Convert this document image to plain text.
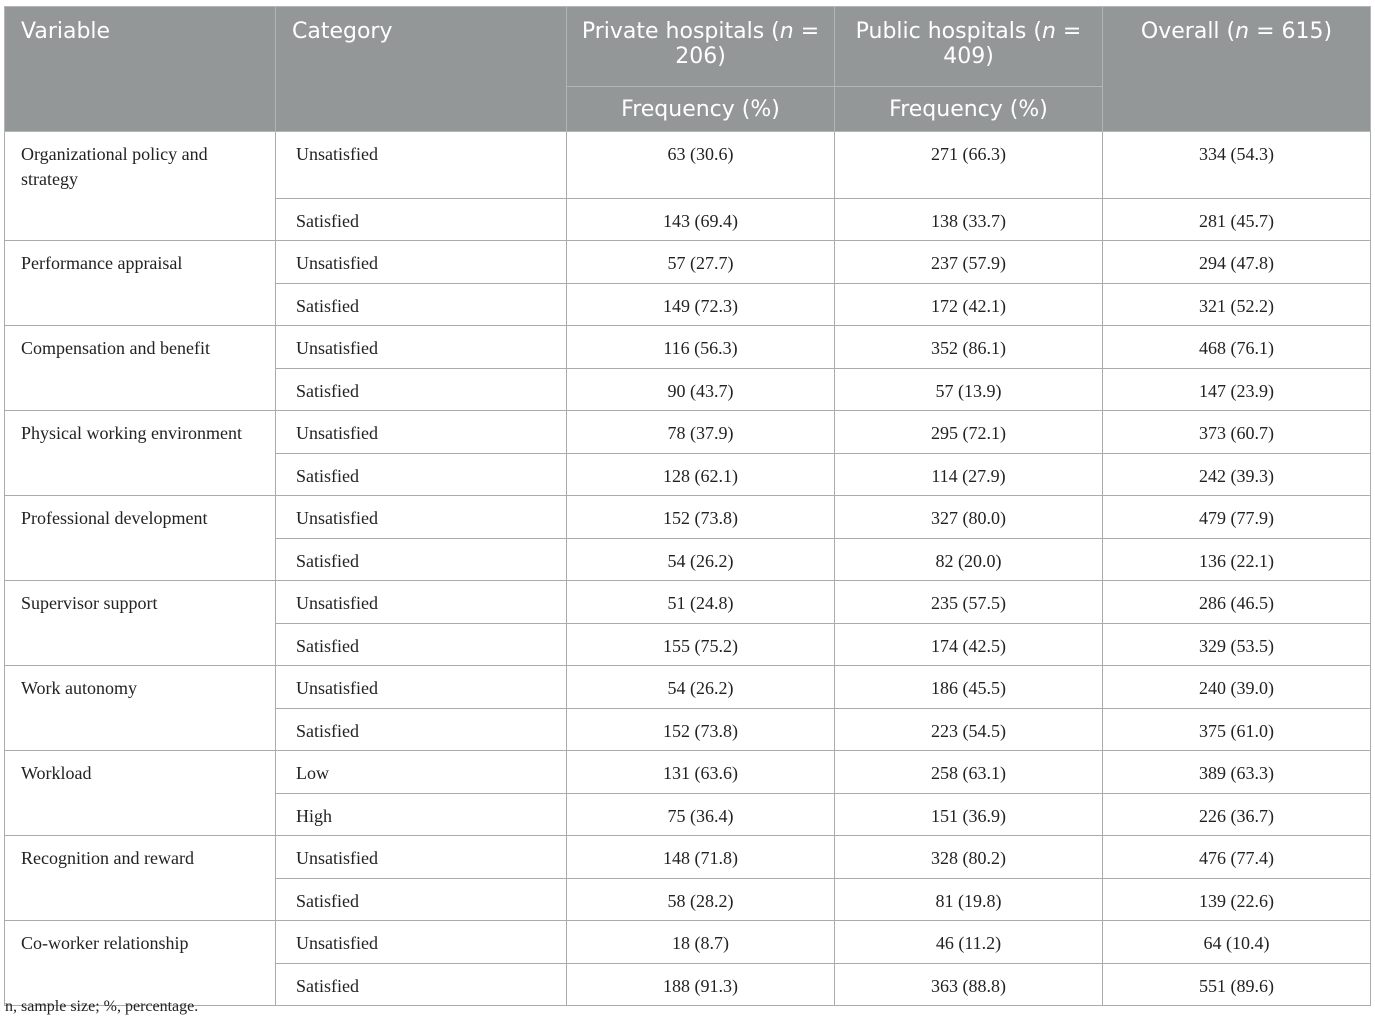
Variable	Category	Private hospitals (n = 206)	Public hospitals (n = 409)	Overall (n = 615)
		Frequency (%)	Frequency (%)	
Organizational policy and strategy	Unsatisfied	63 (30.6)	271 (66.3)	334 (54.3)
	Satisfied	143 (69.4)	138 (33.7)	281 (45.7)
Performance appraisal	Unsatisfied	57 (27.7)	237 (57.9)	294 (47.8)
	Satisfied	149 (72.3)	172 (42.1)	321 (52.2)
Compensation and benefit	Unsatisfied	116 (56.3)	352 (86.1)	468 (76.1)
	Satisfied	90 (43.7)	57 (13.9)	147 (23.9)
Physical working environment	Unsatisfied	78 (37.9)	295 (72.1)	373 (60.7)
	Satisfied	128 (62.1)	114 (27.9)	242 (39.3)
Professional development	Unsatisfied	152 (73.8)	327 (80.0)	479 (77.9)
	Satisfied	54 (26.2)	82 (20.0)	136 (22.1)
Supervisor support	Unsatisfied	51 (24.8)	235 (57.5)	286 (46.5)
	Satisfied	155 (75.2)	174 (42.5)	329 (53.5)
Work autonomy	Unsatisfied	54 (26.2)	186 (45.5)	240 (39.0)
	Satisfied	152 (73.8)	223 (54.5)	375 (61.0)
Workload	Low	131 (63.6)	258 (63.1)	389 (63.3)
	High	75 (36.4)	151 (36.9)	226 (36.7)
Recognition and reward	Unsatisfied	148 (71.8)	328 (80.2)	476 (77.4)
	Satisfied	58 (28.2)	81 (19.8)	139 (22.6)
Co-worker relationship	Unsatisfied	18 (8.7)	46 (11.2)	64 (10.4)
	Satisfied	188 (91.3)	363 (88.8)	551 (89.6)
n, sample size; %, percentage.
